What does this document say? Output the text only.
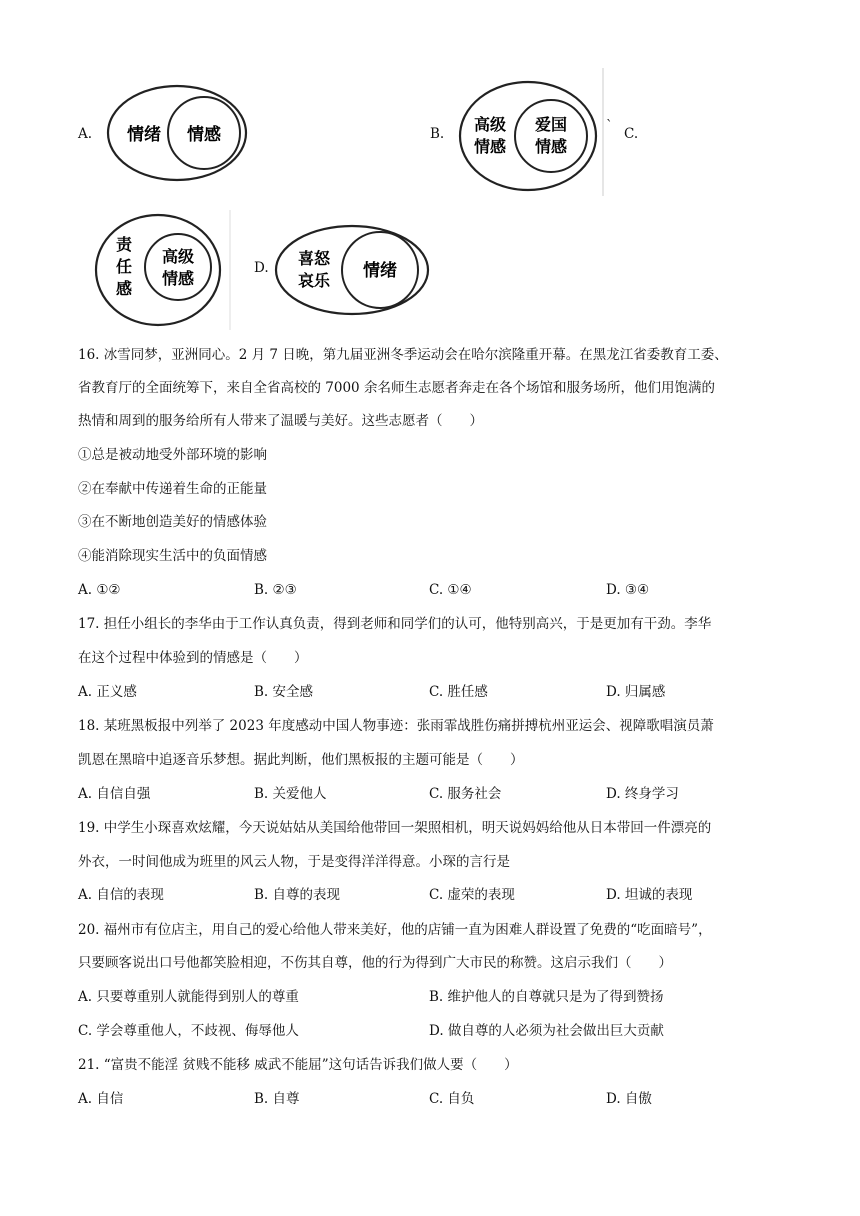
A. 情绪 情感	B. 高级
情感
爱国
情感
` C.
责
任
感
高级
情感
D. 喜怒
哀乐 情绪
16. 冰雪同梦，亚洲同心。2 月 7 日晚，第九届亚洲冬季运动会在哈尔滨隆重开幕。在黑龙江省委教育工委、
省教育厅的全面统筹下，来自全省高校的 7000 余名师生志愿者奔走在各个场馆和服务场所，他们用饱满的
热情和周到的服务给所有人带来了温暖与美好。这些志愿者（　　）
①总是被动地受外部环境的影响
②在奉献中传递着生命的正能量
③在不断地创造美好的情感体验
④能消除现实生活中的负面情感
A. ①②	B. ②③	C. ①④	D. ③④
17. 担任小组长的李华由于工作认真负责，得到老师和同学们的认可，他特别高兴，于是更加有干劲。李华
在这个过程中体验到的情感是（　　）
A. 正义感	B. 安全感	C. 胜任感	D. 归属感
18. 某班黑板报中列举了 2023 年度感动中国人物事迹：张雨霏战胜伤痛拼搏杭州亚运会、视障歌唱演员萧
凯恩在黑暗中追逐音乐梦想。据此判断，他们黑板报的主题可能是（　　）
A. 自信自强	B. 关爱他人	C. 服务社会	D. 终身学习
19. 中学生小琛喜欢炫耀，今天说姑姑从美国给他带回一架照相机，明天说妈妈给他从日本带回一件漂亮的
外衣，一时间他成为班里的风云人物，于是变得洋洋得意。小琛的言行是
A. 自信的表现	B. 自尊的表现	C. 虚荣的表现	D. 坦诚的表现
20. 福州市有位店主，用自己的爱心给他人带来美好，他的店铺一直为困难人群设置了免费的“吃面暗号”，
只要顾客说出口号他都笑脸相迎，不伤其自尊，他的行为得到广大市民的称赞。这启示我们（　　）
A. 只要尊重别人就能得到别人的尊重	B. 维护他人的自尊就只是为了得到赞扬
C. 学会尊重他人，不歧视、侮辱他人	D. 做自尊的人必须为社会做出巨大贡献
21. “富贵不能淫 贫贱不能移 威武不能屈”这句话告诉我们做人要（　　）
A. 自信	B. 自尊	C. 自负	D. 自傲
